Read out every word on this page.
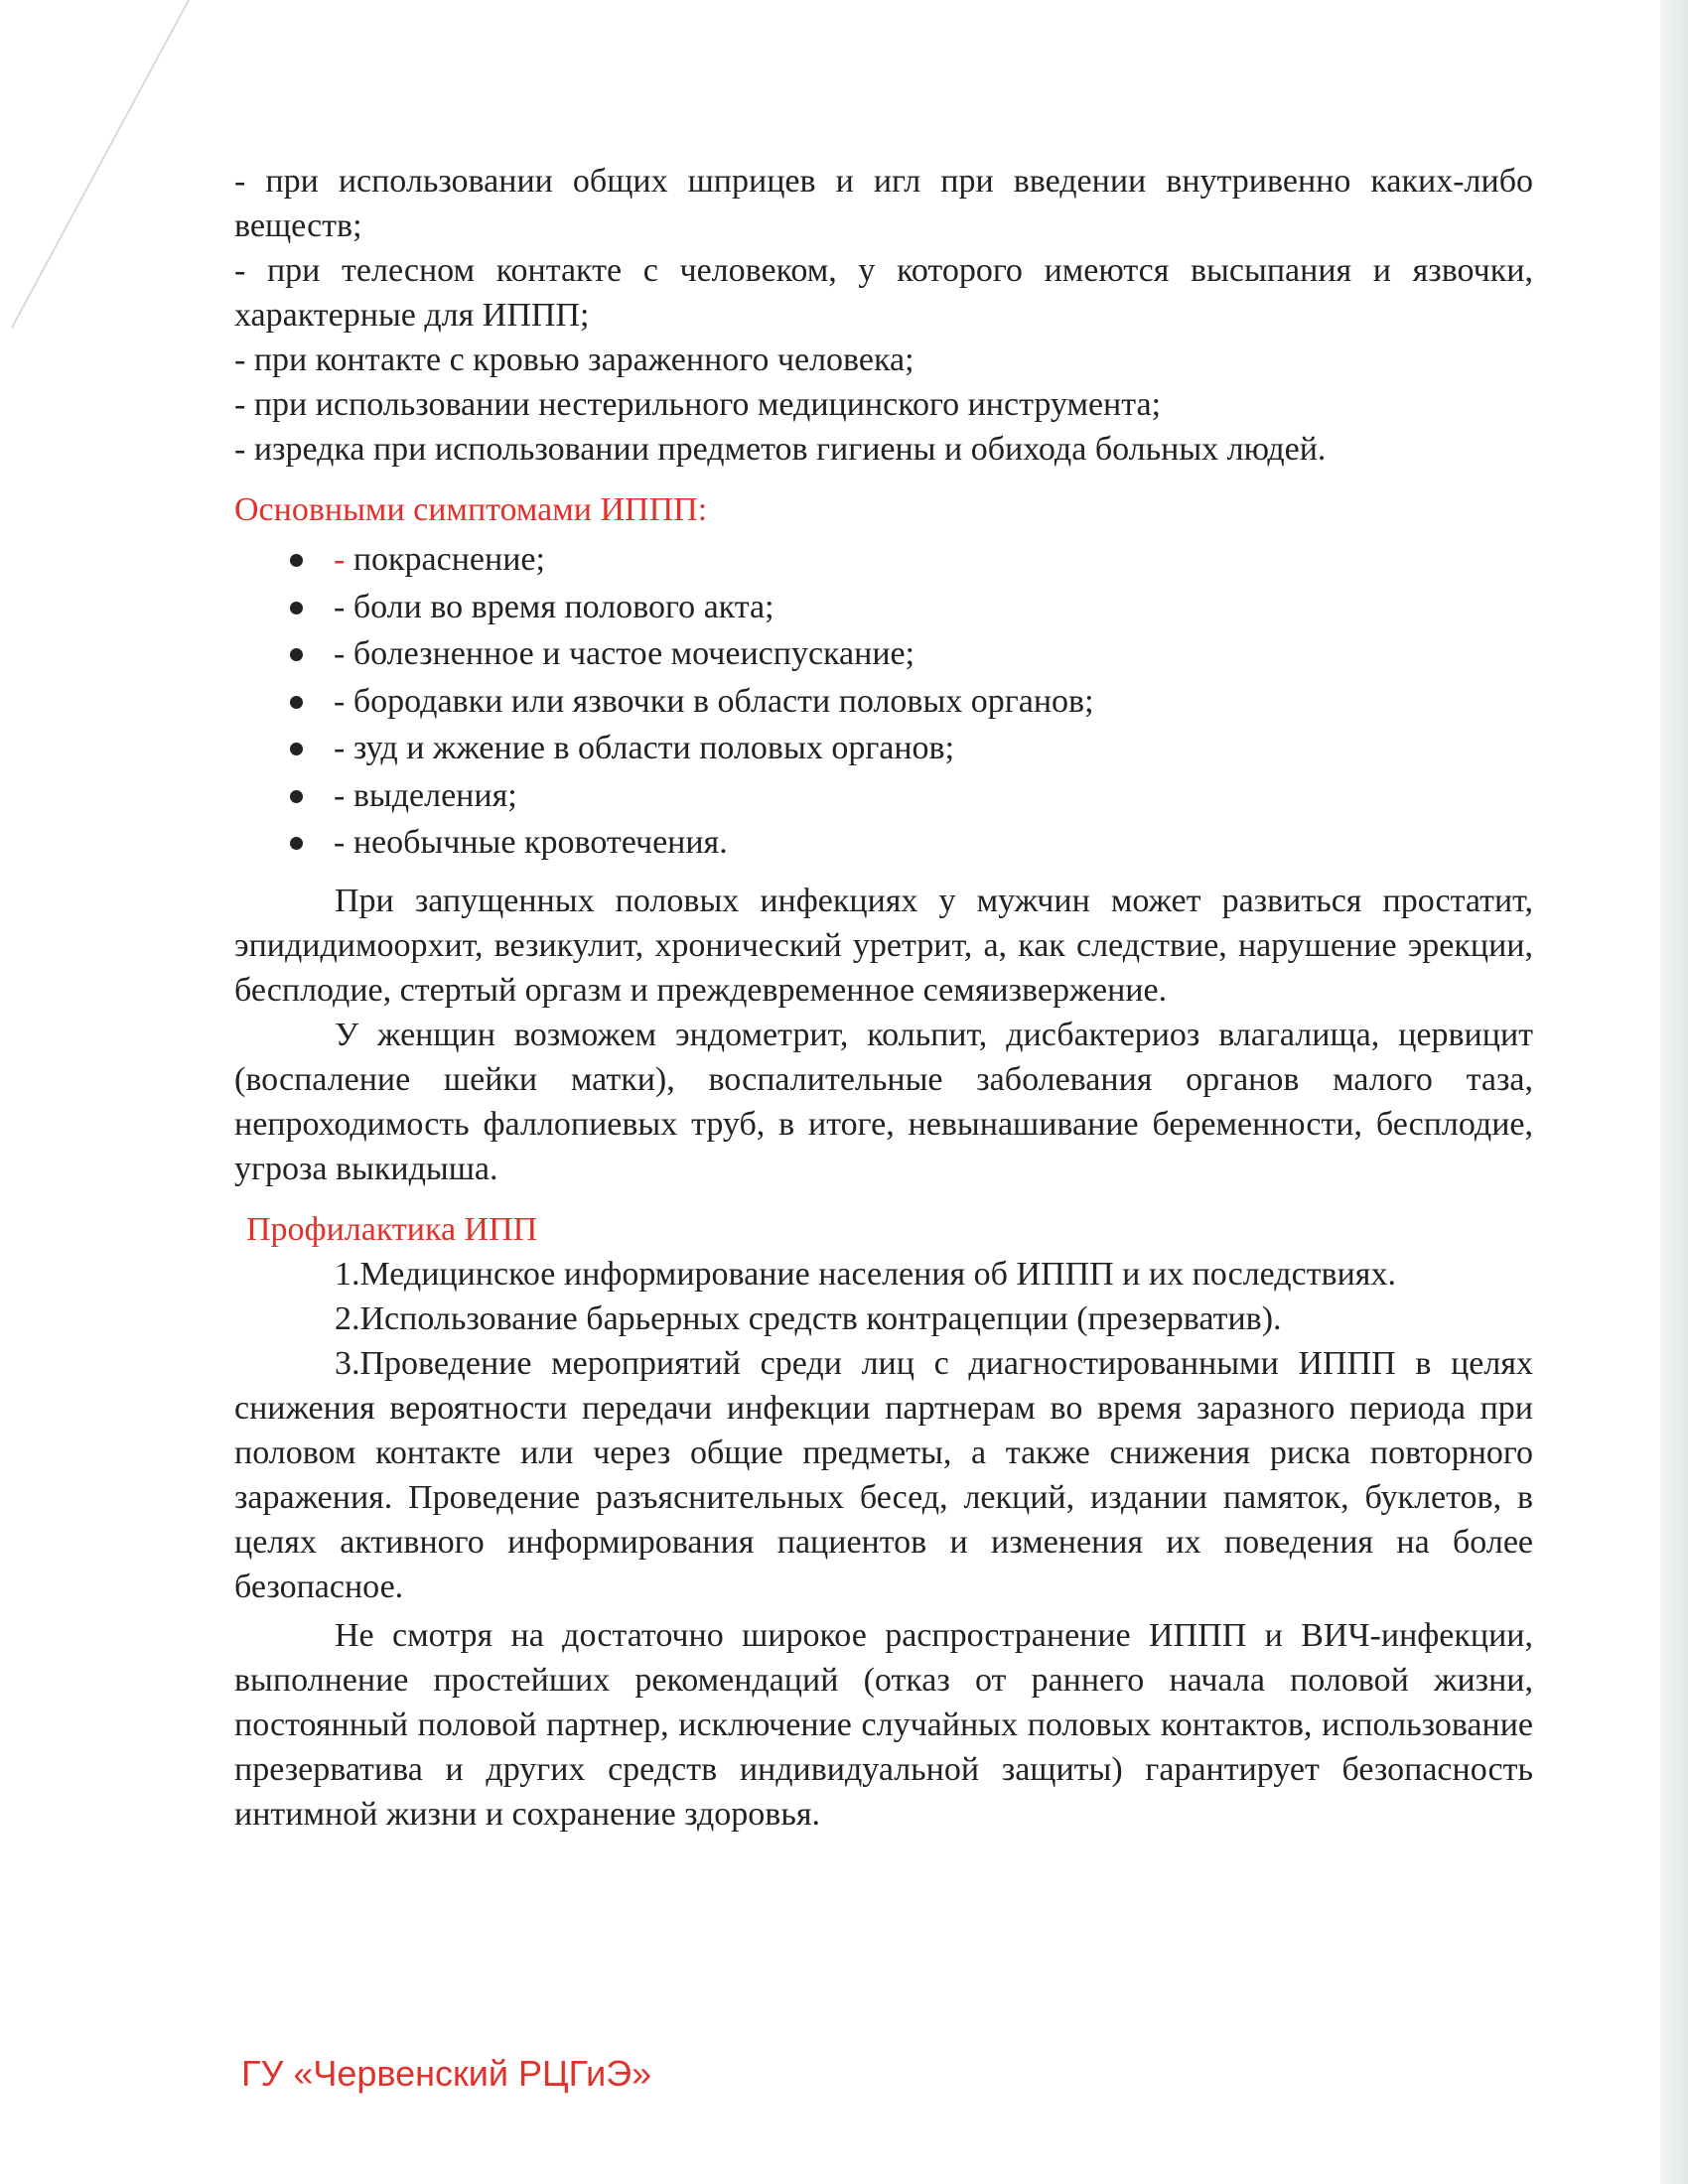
- при использовании общих шприцев и игл при введении внутривенно каких-либо веществ;

- при телесном контакте с человеком, у которого имеются высыпания и язвочки, характерные для ИППП;

- при контакте с кровью зараженного человека;

- при использовании нестерильного медицинского инструмента;

- изредка при использовании предметов гигиены и обихода больных людей.

Основными симптомами ИППП:

- покраснение;
- боли во время полового акта;
- болезненное и частое мочеиспускание;
- бородавки или язвочки в области половых органов;
- зуд и жжение в области половых органов;
- выделения;
- необычные кровотечения.

При запущенных половых инфекциях у мужчин может развиться простатит, эпидидимоорхит, везикулит, хронический уретрит, а, как следствие, нарушение эрекции, бесплодие, стертый оргазм и преждевременное семяизвержение.

У женщин возможем эндометрит, кольпит, дисбактериоз влагалища, цервицит (воспаление шейки матки), воспалительные заболевания органов малого таза, непроходимость фаллопиевых труб, в итоге, невынашивание беременности, бесплодие, угроза выкидыша.

Профилактика ИПП

1.Медицинское информирование населения об ИППП и их последствиях.

2.Использование барьерных средств контрацепции (презерватив).

3.Проведение мероприятий среди лиц с диагностированными ИППП в целях снижения вероятности передачи инфекции партнерам во время заразного периода при половом контакте или через общие предметы, а также снижения риска повторного заражения. Проведение разъяснительных бесед, лекций, издании памяток, буклетов, в целях активного информирования пациентов и изменения их поведения на более безопасное.

Не смотря на достаточно широкое распространение ИППП и ВИЧ-инфекции, выполнение простейших рекомендаций (отказ от раннего начала половой жизни, постоянный половой партнер, исключение случайных половых контактов, использование презерватива и других средств индивидуальной защиты) гарантирует безопасность интимной жизни и сохранение здоровья.

ГУ «Червенский РЦГиЭ»
